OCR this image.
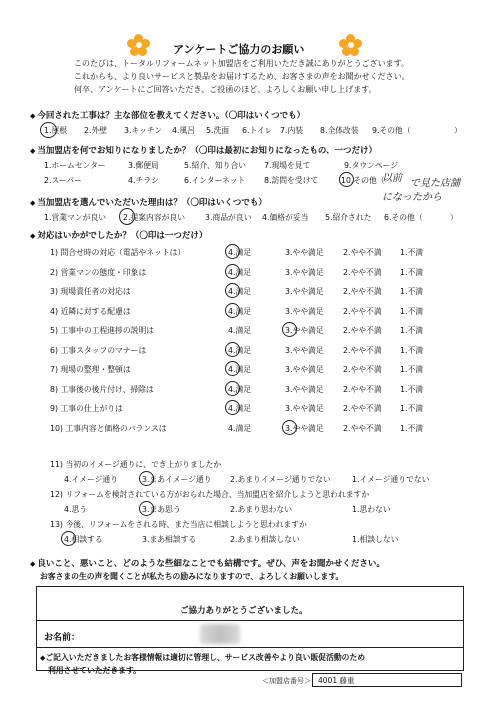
アンケートご協力のお願い
このたびは、トータルリフォームネット加盟店をご利用いただき誠にありがとうございます。
これからも、より良いサービスと製品をお届けするため、お客さまの声をお聞かせください。
何卒、アンケートにご回答いただき、ご投函のほど、よろしくお願い申し上げます。
◆ 今回された工事は？主な部位を教えてください。（〇印はいくつでも）
1.屋根 2.外壁 3.キッチン 4.風呂 5.洗面 6.トイレ 7.内装 8.全体改装 9.その他（	）
◆ 当加盟店を何でお知りになりましたか？（〇印は最初にお知りになったもの、一つだけ）
1.ホームセンター	3.郵便局	5.紹介、知り合い 7.現場を見て	9.タウンページ
2.スーパー	4.チラシ	6.インターネット 8.訪問を受けて	10.その他（
以前 で見た店舗
になったから
◆ 当加盟店を選んでいただいた理由は？（〇印はいくつでも）
1.営業マンが良い 2.提案内容が良い	3.商品が良い 4.価格が妥当 5.紹介された 6.その他（	）
◆ 対応はいかがでしたか？（〇印は一つだけ）
1) 問合せ時の対応（電話やネットは）	4.満足	3.やや満足 2.やや不満 1.不満
2) 営業マンの態度・印象は	4.満足	3.やや満足 2.やや不満 1.不満
3) 現場責任者の対応は	4.満足	3.やや満足 2.やや不満 1.不満
4) 近隣に対する配慮は	4.満足	3.やや満足 2.やや不満 1.不満
5) 工事中の工程進捗の説明は	4.満足	3.やや満足 2.やや不満 1.不満
6) 工事スタッフのマナーは	4.満足	3.やや満足 2.やや不満 1.不満
7) 現場の整理・整頓は	4.満足	3.やや満足 2.やや不満 1.不満
8) 工事後の後片付け、掃除は	4.満足	3.やや満足 2.やや不満 1.不満
9) 工事の仕上がりは	4.満足	3.やや満足 2.やや不満 1.不満
10) 工事内容と価格のバランスは	4.満足	3.やや満足 2.やや不満 1.不満
11) 当初のイメージ通りに、でき上がりましたか
4.イメージ通り	3.まあイメージ通り 2.あまりイメージ通りでない	1.イメージ通りでない
12) リフォームを検討されている方がおられた場合、当加盟店を紹介しようと思われますか
4.思う	3.まあ思う	2.あまり思わない	1.思わない
13) 今後、リフォームをされる時、また当店に相談しようと思われますか
4.相談する	3.まあ相談する	2.あまり相談しない	1.相談しない
◆ 良いこと、悪いこと、どのような些細なことでも結構です。ぜひ、声をお聞かせください。
お客さまの生の声を聞くことが私たちの励みになりますので、よろしくお願いします。
ご協力ありがとうございました。
お名前：
◆ご記入いただきましたお客様情報は適切に管理し、サービス改善やより良い販促活動のため
利用させていただきます。
＜加盟店番号＞ 4001 藤重
